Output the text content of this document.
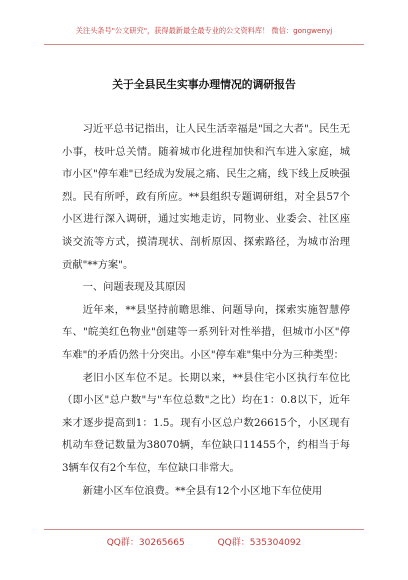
关注头条号"公文研究"，获得最新最全最专业的公文资料库！ 微信：gongwenyj
关于全县民生实事办理情况的调研报告

习近平总书记指出，让人民生活幸福是"国之大者"。民生无小事，枝叶总关情。随着城市化进程加快和汽车进入家庭，城市小区"停车难"已经成为发展之痛、民生之痛，线下线上反映强烈。民有所呼，政有所应。**县组织专题调研组，对全县57个小区进行深入调研，通过实地走访，同物业、业委会、社区座谈交流等方式，摸清现状、剖析原因、探索路径，为城市治理贡献"**方案"。

一、问题表现及其原因

近年来，**县坚持前瞻思维、问题导向，探索实施智慧停车、"皖美红色物业"创建等一系列针对性举措，但城市小区"停车难"的矛盾仍然十分突出。小区"停车难"集中分为三种类型：

老旧小区车位不足。长期以来，**县住宅小区执行车位比（即小区"总户数"与"车位总数"之比）均在1：0.8以下，近年来才逐步提高到1：1.5。现有小区总户数26615个，小区现有机动车登记数量为38070辆，车位缺口11455个，约相当于每3辆车仅有2个车位，车位缺口非常大。

新建小区车位浪费。**全县有12个小区地下车位使用

QQ群：30265665	QQ群：535304092
